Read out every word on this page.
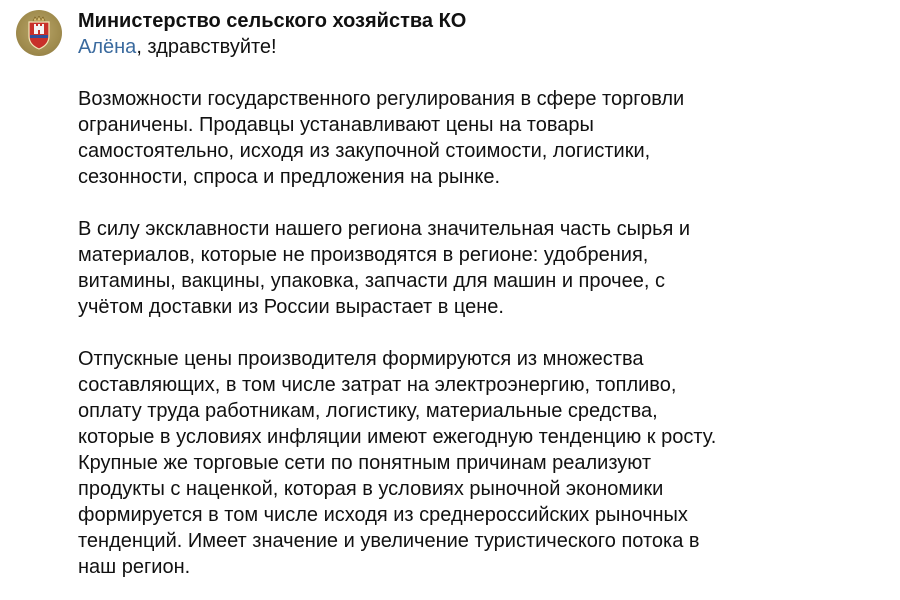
Министерство сельского хозяйства КО
Алёна, здравствуйте!

Возможности государственного регулирования в сфере торговли
ограничены. Продавцы устанавливают цены на товары
самостоятельно, исходя из закупочной стоимости, логистики,
сезонности, спроса и предложения на рынке.

В силу эксклавности нашего региона значительная часть сырья и
материалов, которые не производятся в регионе: удобрения,
витамины, вакцины, упаковка, запчасти для машин и прочее, с
учётом доставки из России вырастает в цене.

Отпускные цены производителя формируются из множества
составляющих, в том числе затрат на электроэнергию, топливо,
оплату труда работникам, логистику, материальные средства,
которые в условиях инфляции имеют ежегодную тенденцию к росту.
Крупные же торговые сети по понятным причинам реализуют
продукты с наценкой, которая в условиях рыночной экономики
формируется в том числе исходя из среднероссийских рыночных
тенденций. Имеет значение и увеличение туристического потока в
наш регион.
